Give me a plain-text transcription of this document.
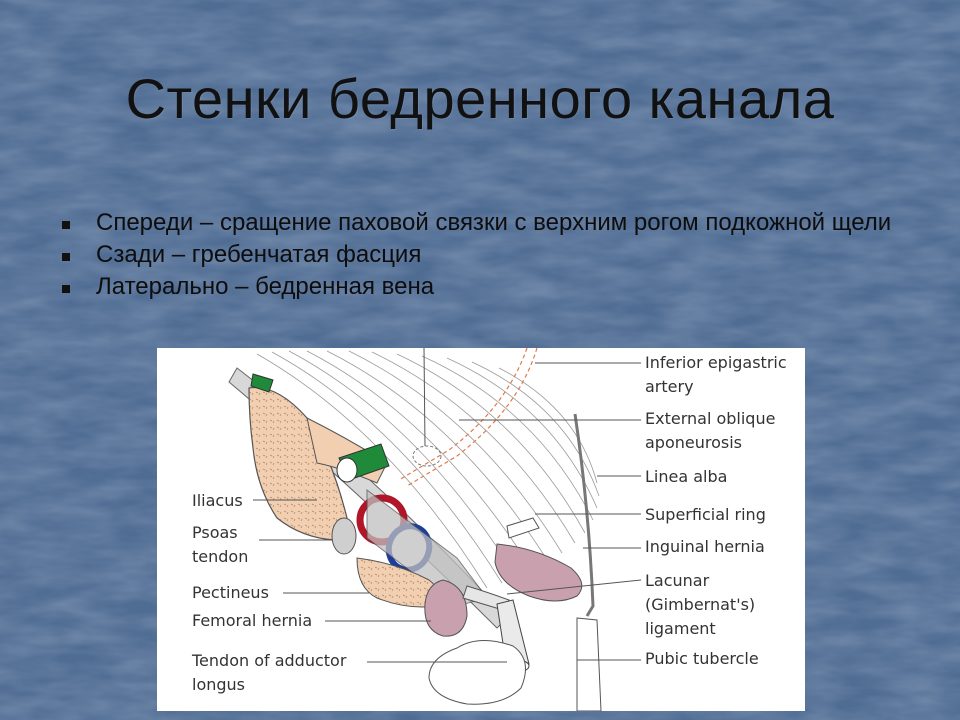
Стенки бедренного канала
Спереди – сращение паховой связки с верхним рогом подкожной щели
Сзади – гребенчатая фасция
Латерально – бедренная вена
Iliacus
Psoas
tendon
Pectineus
Femoral hernia
Tendon of adductor
longus
Inferior epigastric
artery
External oblique
aponeurosis
Linea alba
Superficial ring
Inguinal hernia
Lacunar
(Gimbernat's)
ligament
Pubic tubercle
